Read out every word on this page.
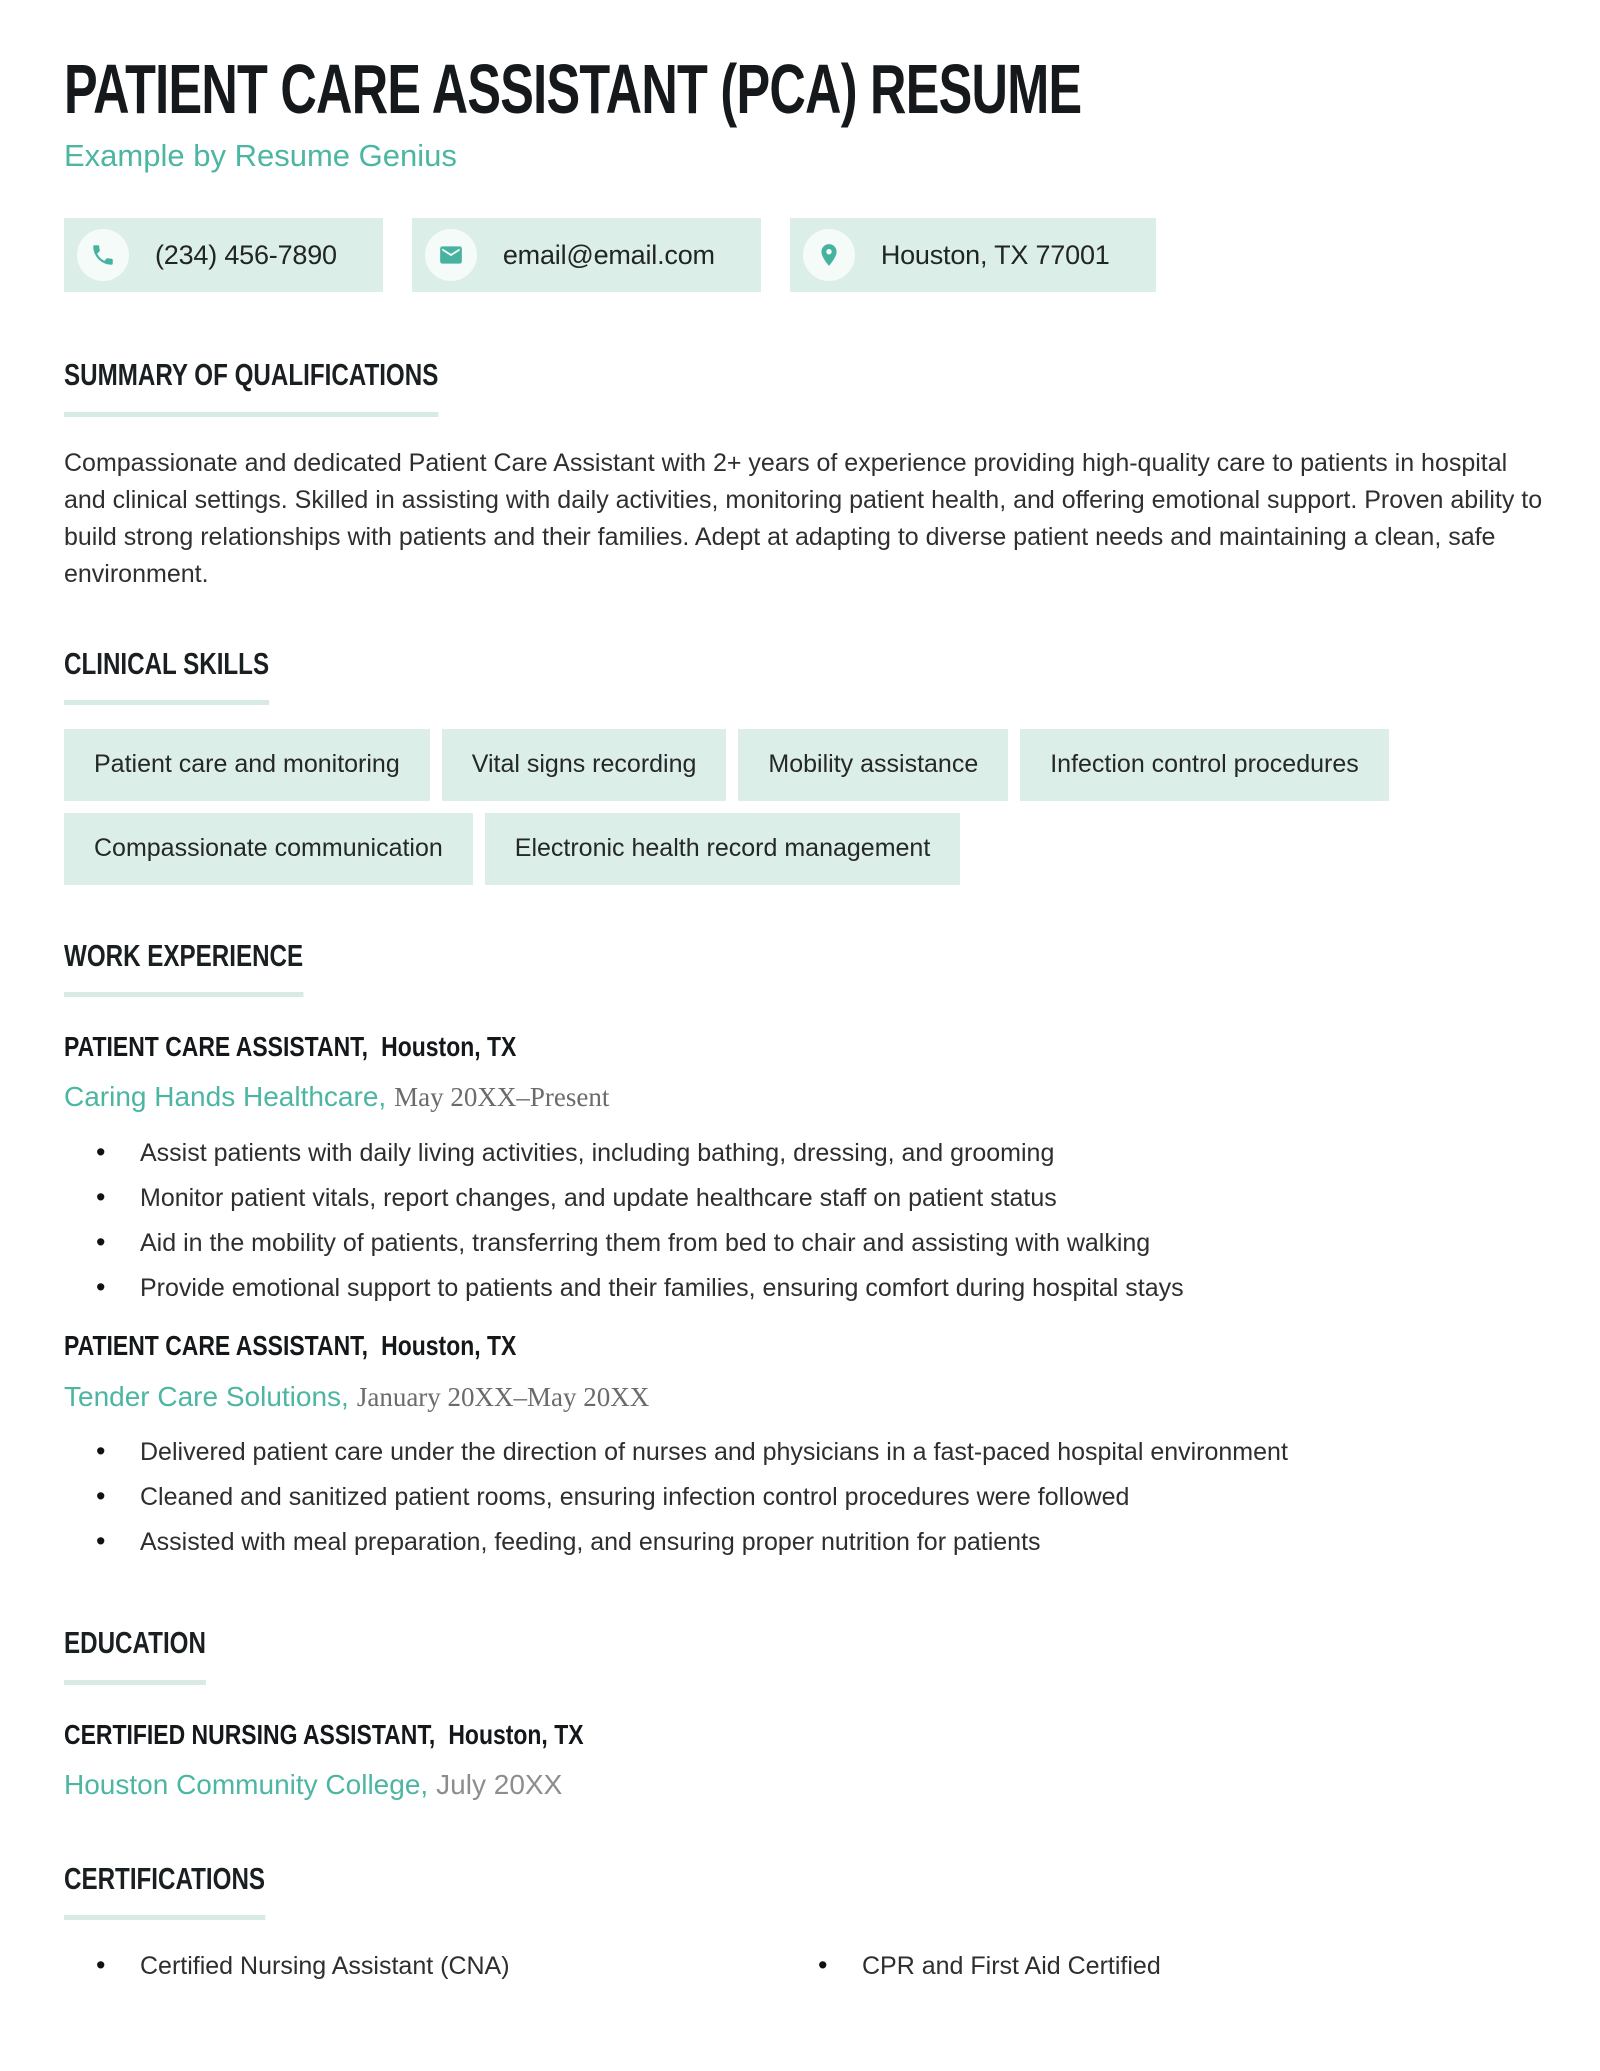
PATIENT CARE ASSISTANT (PCA) RESUME
Example by Resume Genius
(234) 456-7890	email@email.com	Houston, TX 77001
SUMMARY OF QUALIFICATIONS

Compassionate and dedicated Patient Care Assistant with 2+ years of experience providing high-quality care to patients in hospital and clinical settings. Skilled in assisting with daily activities, monitoring patient health, and offering emotional support. Proven ability to build strong relationships with patients and their families. Adept at adapting to diverse patient needs and maintaining a clean, safe environment.

CLINICAL SKILLS
Patient care and monitoring	Vital signs recording	Mobility assistance	Infection control procedures
Compassionate communication	Electronic health record management
WORK EXPERIENCE
PATIENT CARE ASSISTANT, Houston, TX
Caring Hands Healthcare, May 20XX–Present
• Assist patients with daily living activities, including bathing, dressing, and grooming
• Monitor patient vitals, report changes, and update healthcare staff on patient status
• Aid in the mobility of patients, transferring them from bed to chair and assisting with walking
• Provide emotional support to patients and their families, ensuring comfort during hospital stays
PATIENT CARE ASSISTANT, Houston, TX
Tender Care Solutions, January 20XX–May 20XX
• Delivered patient care under the direction of nurses and physicians in a fast-paced hospital environment
• Cleaned and sanitized patient rooms, ensuring infection control procedures were followed
• Assisted with meal preparation, feeding, and ensuring proper nutrition for patients
EDUCATION
CERTIFIED NURSING ASSISTANT, Houston, TX
Houston Community College, July 20XX
CERTIFICATIONS
• Certified Nursing Assistant (CNA)	• CPR and First Aid Certified
